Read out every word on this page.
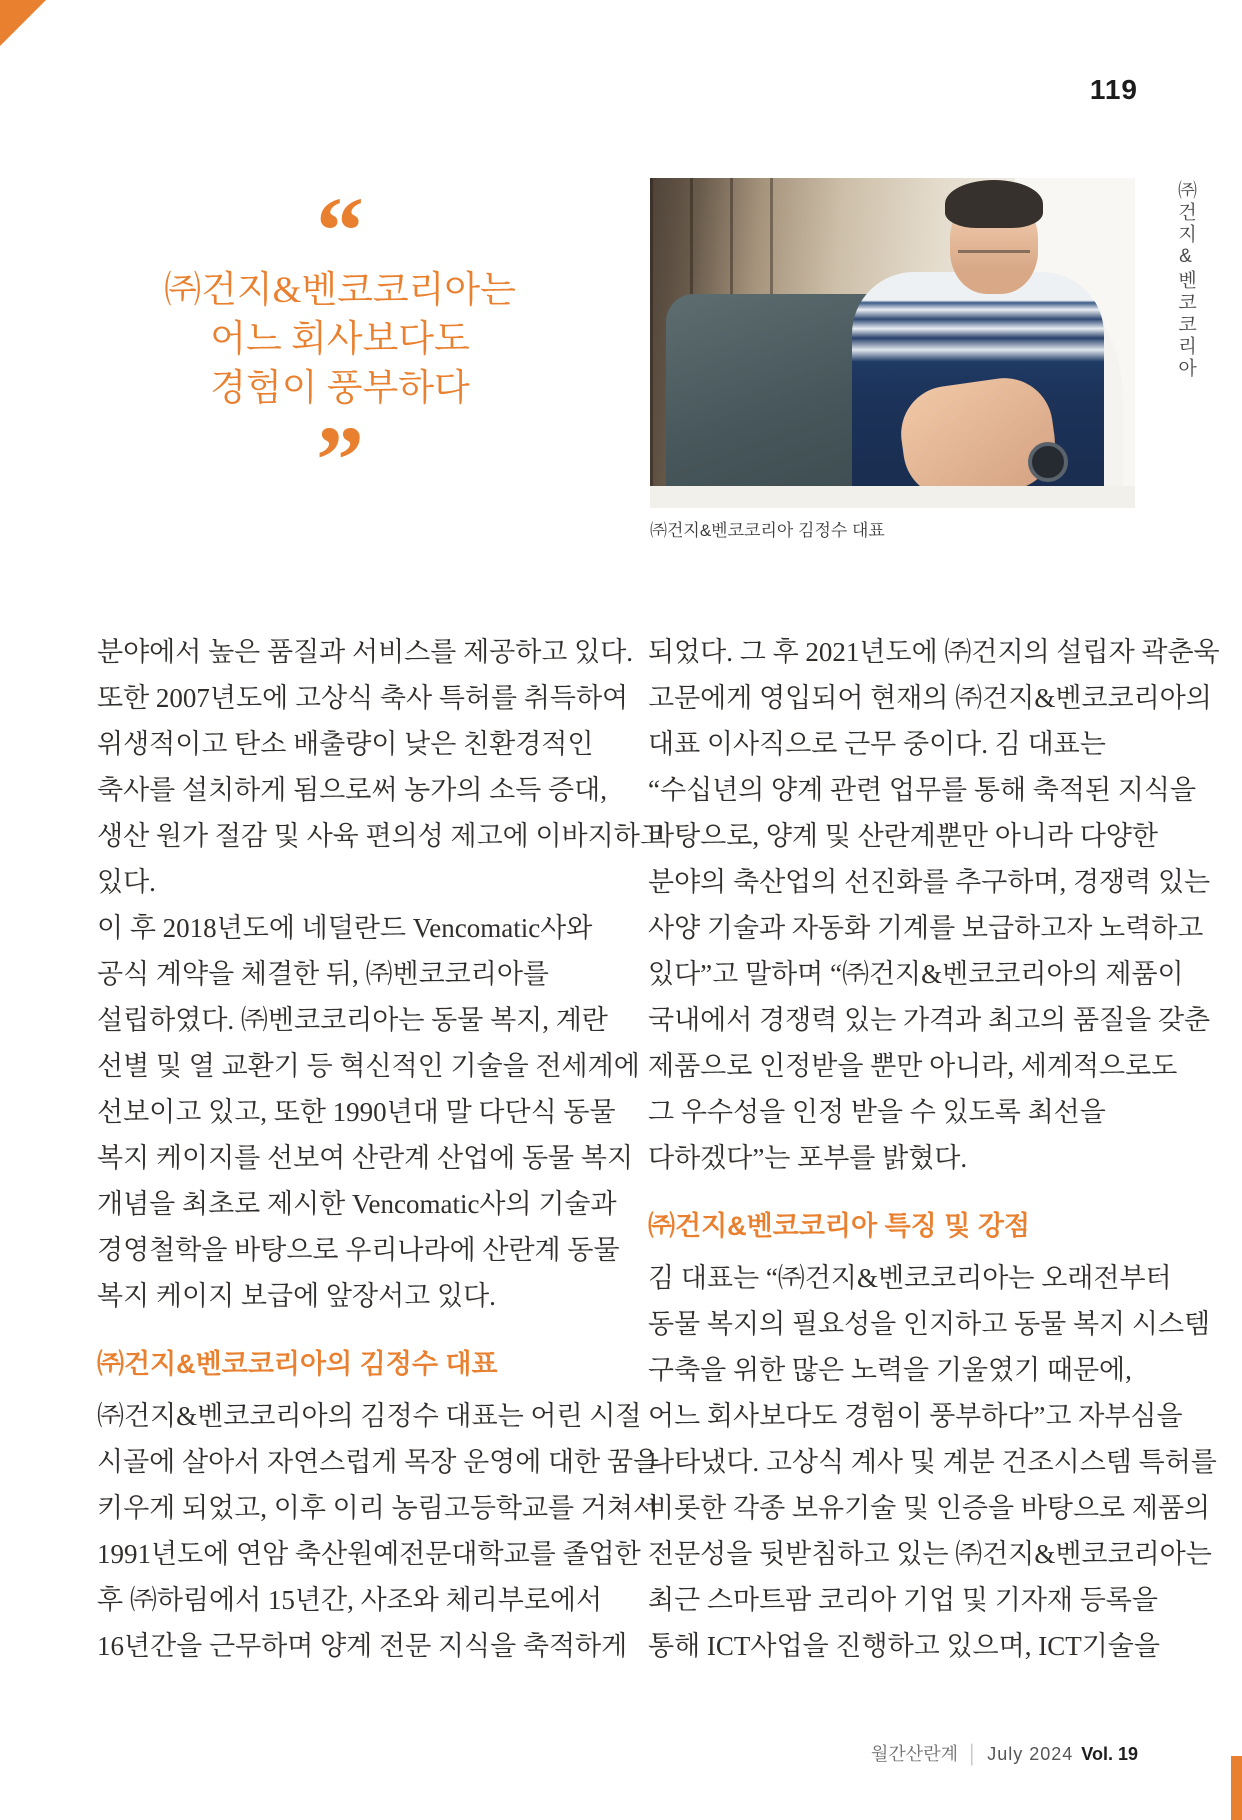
119
“
㈜건지&벤코코리아는
어느 회사보다도
경험이 풍부하다
”
㈜건지&벤코코리아 김정수 대표
㈜건지&벤코코리아
분야에서 높은 품질과 서비스를 제공하고 있다.
또한 2007년도에 고상식 축사 특허를 취득하여
위생적이고 탄소 배출량이 낮은 친환경적인
축사를 설치하게 됨으로써 농가의 소득 증대,
생산 원가 절감 및 사육 편의성 제고에 이바지하고
있다.
이 후 2018년도에 네덜란드 Vencomatic사와
공식 계약을 체결한 뒤, ㈜벤코코리아를
설립하였다. ㈜벤코코리아는 동물 복지, 계란
선별 및 열 교환기 등 혁신적인 기술을 전세계에
선보이고 있고, 또한 1990년대 말 다단식 동물
복지 케이지를 선보여 산란계 산업에 동물 복지
개념을 최초로 제시한 Vencomatic사의 기술과
경영철학을 바탕으로 우리나라에 산란계 동물
복지 케이지 보급에 앞장서고 있다.
㈜건지&벤코코리아의 김정수 대표
㈜건지&벤코코리아의 김정수 대표는 어린 시절
시골에 살아서 자연스럽게 목장 운영에 대한 꿈을
키우게 되었고, 이후 이리 농림고등학교를 거쳐서
1991년도에 연암 축산원예전문대학교를 졸업한
후 ㈜하림에서 15년간, 사조와 체리부로에서
16년간을 근무하며 양계 전문 지식을 축적하게
되었다. 그 후 2021년도에 ㈜건지의 설립자 곽춘욱
고문에게 영입되어 현재의 ㈜건지&벤코코리아의
대표 이사직으로 근무 중이다. 김 대표는
“수십년의 양계 관련 업무를 통해 축적된 지식을
바탕으로, 양계 및 산란계뿐만 아니라 다양한
분야의 축산업의 선진화를 추구하며, 경쟁력 있는
사양 기술과 자동화 기계를 보급하고자 노력하고
있다”고 말하며 “㈜건지&벤코코리아의 제품이
국내에서 경쟁력 있는 가격과 최고의 품질을 갖춘
제품으로 인정받을 뿐만 아니라, 세계적으로도
그 우수성을 인정 받을 수 있도록 최선을
다하겠다”는 포부를 밝혔다.
㈜건지&벤코코리아 특징 및 강점
김 대표는 “㈜건지&벤코코리아는 오래전부터
동물 복지의 필요성을 인지하고 동물 복지 시스템
구축을 위한 많은 노력을 기울였기 때문에,
어느 회사보다도 경험이 풍부하다”고 자부심을
나타냈다. 고상식 계사 및 계분 건조시스템 특허를
비롯한 각종 보유기술 및 인증을 바탕으로 제품의
전문성을 뒷받침하고 있는 ㈜건지&벤코코리아는
최근 스마트팜 코리아 기업 및 기자재 등록을
통해 ICT사업을 진행하고 있으며, ICT기술을
월간산란계 │ July 2024 Vol. 19
